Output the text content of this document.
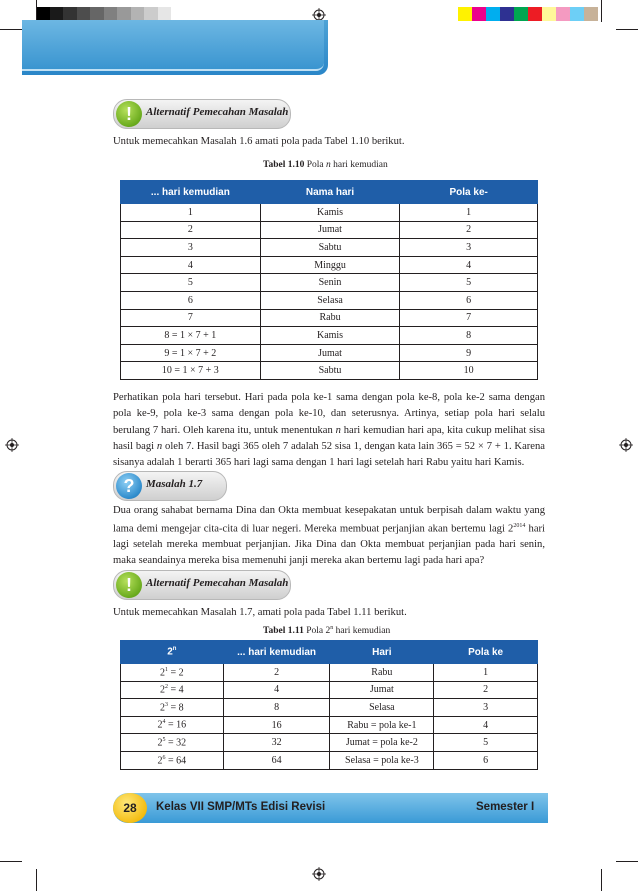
!	Alternatif Pemecahan Masalah
Untuk memecahkan Masalah 1.6 amati pola pada Tabel 1.10 berikut.
Tabel 1.10 Pola n hari kemudian
... hari kemudian	Nama hari	Pola ke-
1	Kamis	1
2	Jumat	2
3	Sabtu	3
4	Minggu	4
5	Senin	5
6	Selasa	6
7	Rabu	7
8 = 1 × 7 + 1	Kamis	8
9 = 1 × 7 + 2	Jumat	9
10 = 1 × 7 + 3	Sabtu	10
Perhatikan pola hari tersebut. Hari pada pola ke-1 sama dengan pola ke-8, pola ke-2 sama dengan pola ke-9, pola ke-3 sama dengan pola ke-10, dan seterusnya. Artinya, setiap pola hari selalu berulang 7 hari. Oleh karena itu, untuk menentukan n hari kemudian hari apa, kita cukup melihat sisa hasil bagi n oleh 7. Hasil bagi 365 oleh 7 adalah 52 sisa 1, dengan kata lain 365 = 52 × 7 + 1. Karena sisanya adalah 1 berarti 365 hari lagi sama dengan 1 hari lagi setelah hari Rabu yaitu hari Kamis.
?	Masalah 1.7
Dua orang sahabat bernama Dina dan Okta membuat kesepakatan untuk berpisah dalam waktu yang lama demi mengejar cita-cita di luar negeri. Mereka membuat perjanjian akan bertemu lagi $2^{2014}$ hari lagi setelah mereka membuat perjanjian. Jika Dina dan Okta membuat perjanjian pada hari senin, maka seandainya mereka bisa memenuhi janji mereka akan bertemu lagi pada hari apa?
!	Alternatif Pemecahan Masalah
Untuk memecahkan Masalah 1.7, amati pola pada Tabel 1.11 berikut.
Tabel 1.11 Pola 2$^n$ hari kemudian
2$^n$	... hari kemudian	Hari	Pola ke
$2^1 = 2$	2	Rabu	1
$2^2 = 4$	4	Jumat	2
$2^3 = 8$	8	Selasa	3
$2^4 = 16$	16	Rabu = pola ke-1	4
$2^5 = 32$	32	Jumat = pola ke-2	5
$2^6 = 64$	64	Selasa = pola ke-3	6
28	Kelas VII SMP/MTs Edisi Revisi	Semester I
